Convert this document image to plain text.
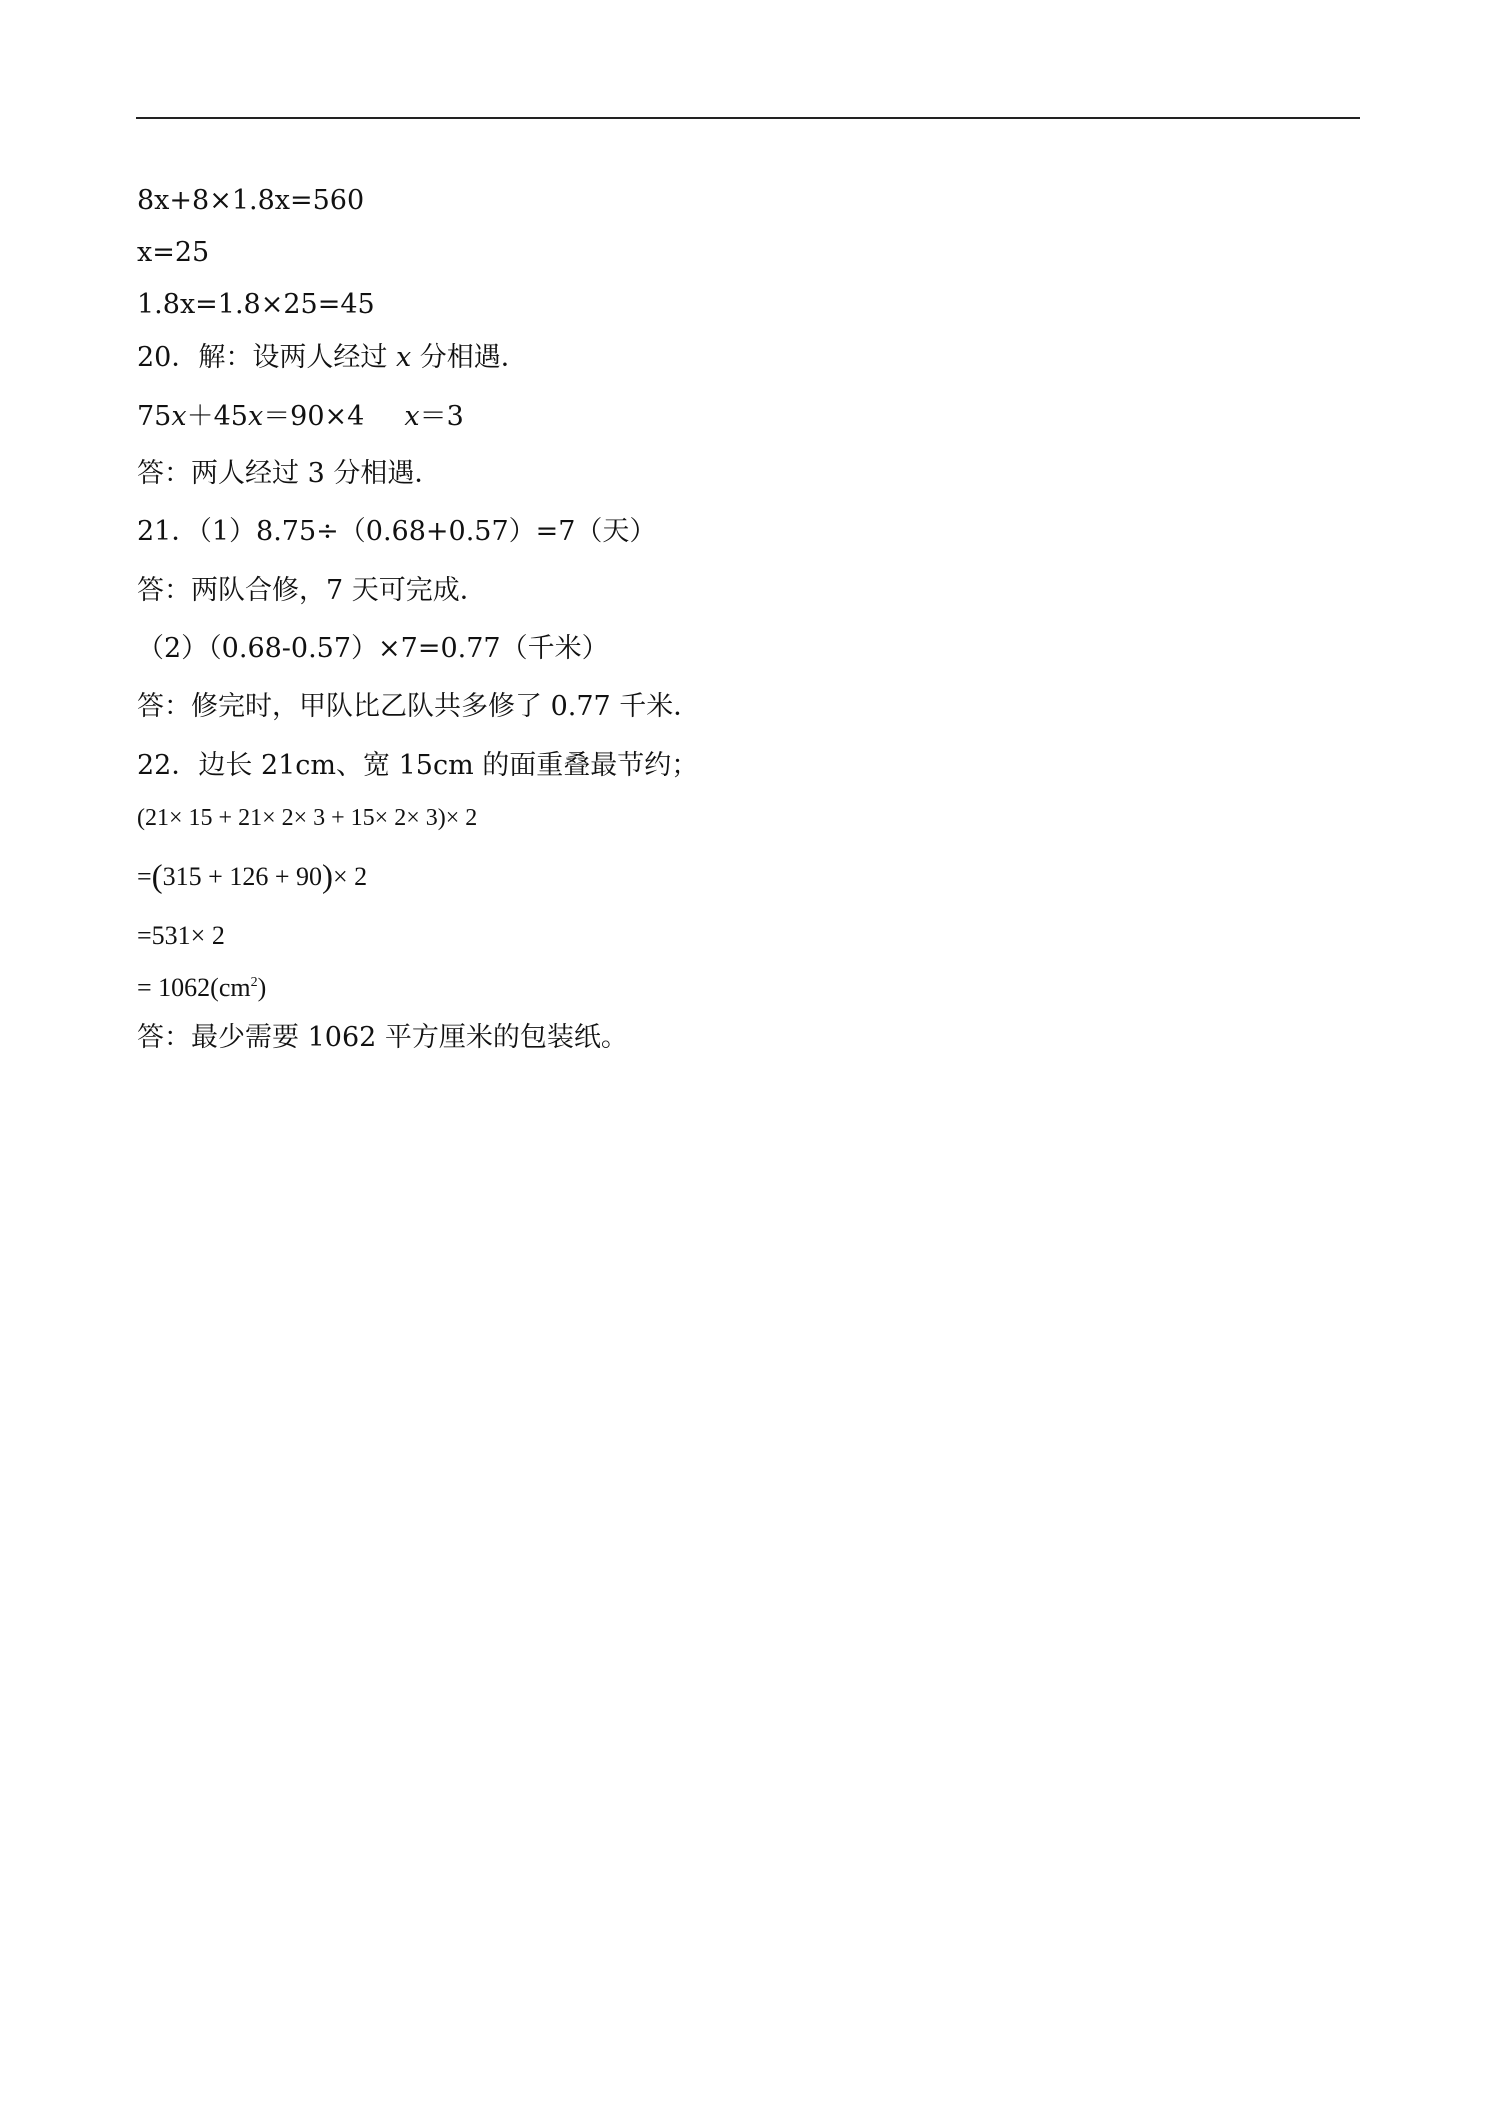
8x+8×1.8x=560
x=25
1.8x=1.8×25=45
20．解：设两人经过 x 分相遇．
75x＋45x＝90×4 x＝3
答：两人经过 3 分相遇．
21．（1）8.75÷（0.68+0.57）=7（天）
答：两队合修，7 天可完成．
（2）（0.68-0.57）×7=0.77（千米）
答：修完时，甲队比乙队共多修了 0.77 千米．
22．边长 21cm、宽 15cm 的面重叠最节约；
(21× 15 + 21× 2× 3 + 15× 2× 3)× 2
=(315 + 126 + 90)× 2
=531× 2
= $1062(cm^2)$
答：最少需要 1062 平方厘米的包装纸。
